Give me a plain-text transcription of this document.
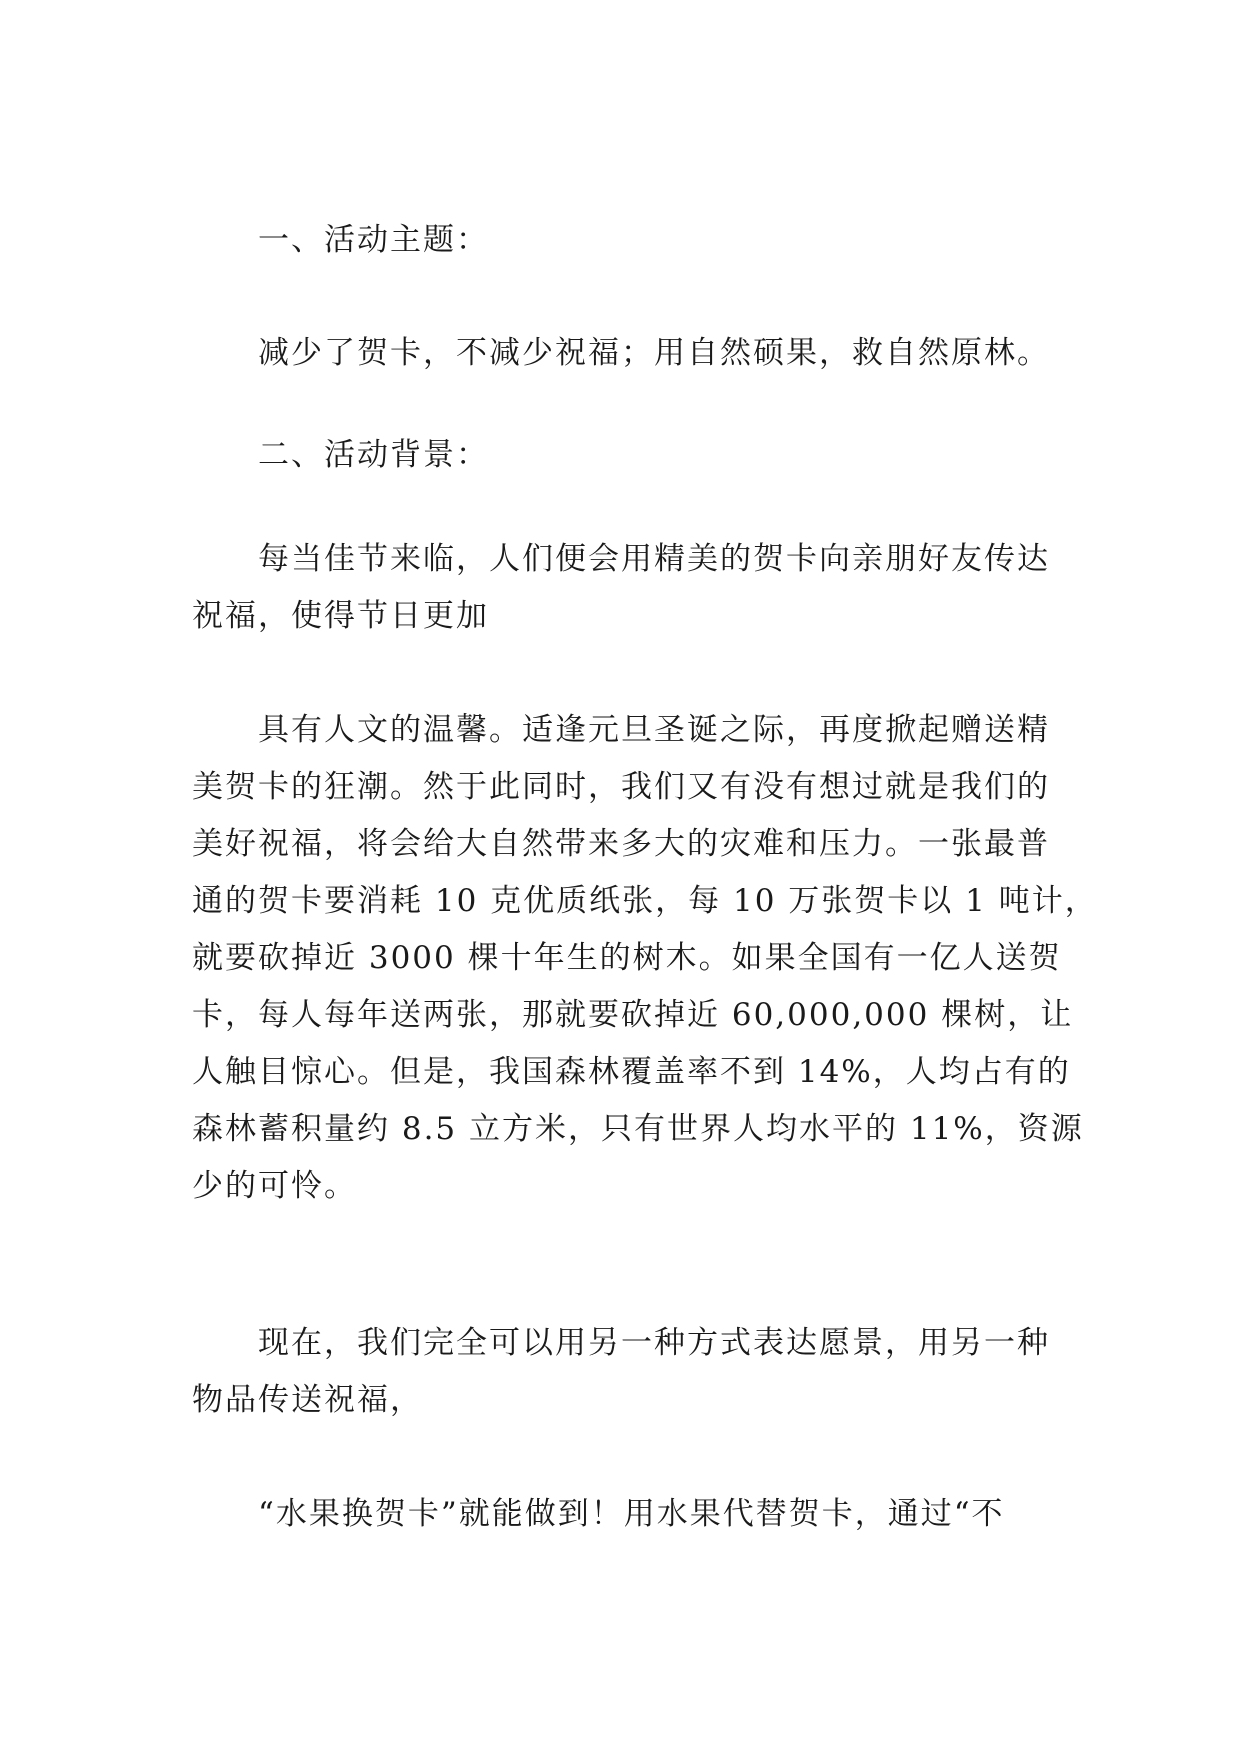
一、活动主题：
减少了贺卡，不减少祝福；用自然硕果，救自然原林。
二、活动背景：
每当佳节来临，人们便会用精美的贺卡向亲朋好友传达
祝福，使得节日更加
具有人文的温馨。适逢元旦圣诞之际，再度掀起赠送精
美贺卡的狂潮。然于此同时，我们又有没有想过就是我们的
美好祝福，将会给大自然带来多大的灾难和压力。一张最普
通的贺卡要消耗 10 克优质纸张，每 10 万张贺卡以 1 吨计，
就要砍掉近 3000 棵十年生的树木。如果全国有一亿人送贺
卡，每人每年送两张，那就要砍掉近 60,000,000 棵树，让
人触目惊心。但是，我国森林覆盖率不到 14%，人均占有的
森林蓄积量约 8.5 立方米，只有世界人均水平的 11%，资源
少的可怜。
现在，我们完全可以用另一种方式表达愿景，用另一种
物品传送祝福，
“水果换贺卡”就能做到！用水果代替贺卡，通过“不
